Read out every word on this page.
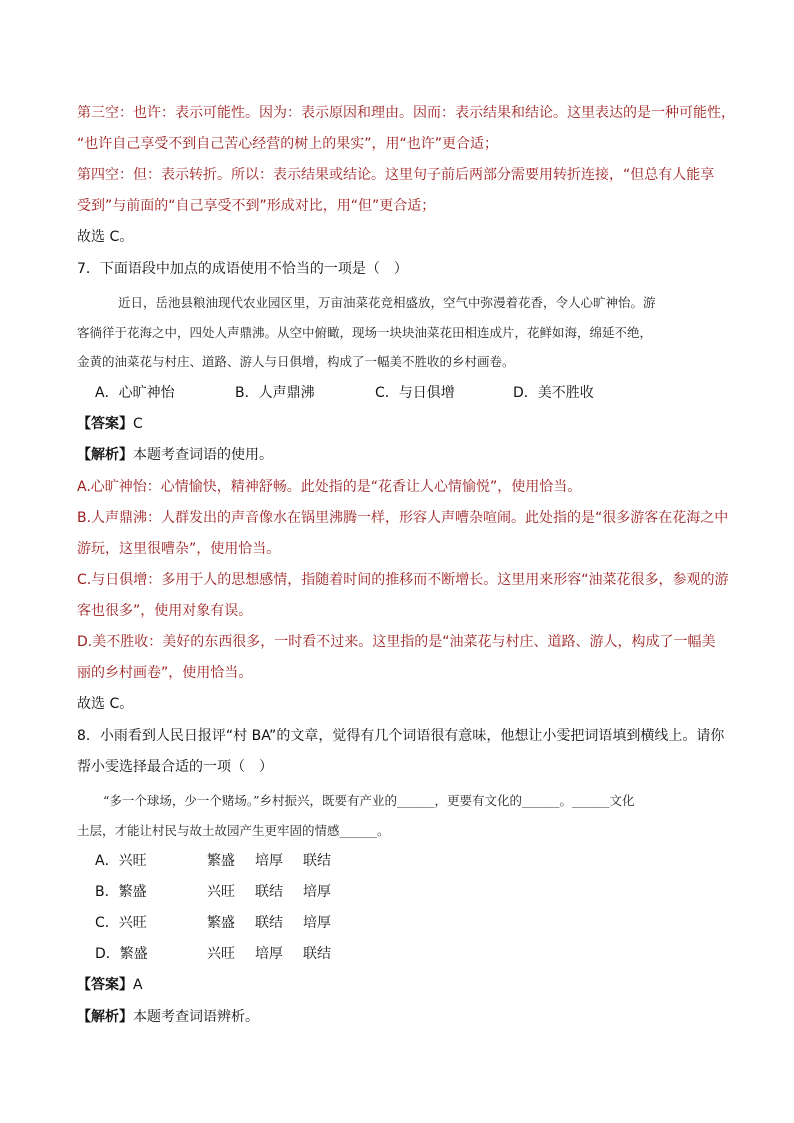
第三空：也许：表示可能性。因为：表示原因和理由。因而：表示结果和结论。这里表达的是一种可能性，
“也许自己享受不到自己苦心经营的树上的果实”，用“也许”更合适；
第四空：但：表示转折。所以：表示结果或结论。这里句子前后两部分需要用转折连接，“但总有人能享
受到”与前面的“自己享受不到”形成对比，用“但”更合适；
故选 C。
7．下面语段中加点的成语使用不恰当的一项是（　）
近日，岳池县粮油现代农业园区里，万亩油菜花竞相盛放，空气中弥漫着花香，令人心旷神怡。游
客徜徉于花海之中，四处人声鼎沸。从空中俯瞰，现场一块块油菜花田相连成片，花鲜如海，绵延不绝，
金黄的油菜花与村庄、道路、游人与日俱增，构成了一幅美不胜收的乡村画卷。
A．心旷神怡	B．人声鼎沸	C．与日俱增	D．美不胜收
【答案】C
【解析】本题考查词语的使用。
A.心旷神怡：心情愉快，精神舒畅。此处指的是“花香让人心情愉悦”，使用恰当。
B.人声鼎沸：人群发出的声音像水在锅里沸腾一样，形容人声嘈杂喧闹。此处指的是“很多游客在花海之中
游玩，这里很嘈杂”，使用恰当。
C.与日俱增：多用于人的思想感情，指随着时间的推移而不断增长。这里用来形容“油菜花很多，参观的游
客也很多”，使用对象有误。
D.美不胜收：美好的东西很多，一时看不过来。这里指的是“油菜花与村庄、道路、游人，构成了一幅美
丽的乡村画卷”，使用恰当。
故选 C。
8．小雨看到人民日报评“村 BA”的文章，觉得有几个词语很有意味，他想让小雯把词语填到横线上。请你
帮小雯选择最合适的一项（　）
“多一个球场，少一个赌场。”乡村振兴，既要有产业的______，更要有文化的______。______文化
土层，才能让村民与故土故园产生更牢固的情感______。
A．兴旺	繁盛 培厚 联结
B．繁盛	兴旺 联结 培厚
C．兴旺	繁盛 联结 培厚
D．繁盛	兴旺 培厚 联结
【答案】A
【解析】本题考查词语辨析。
